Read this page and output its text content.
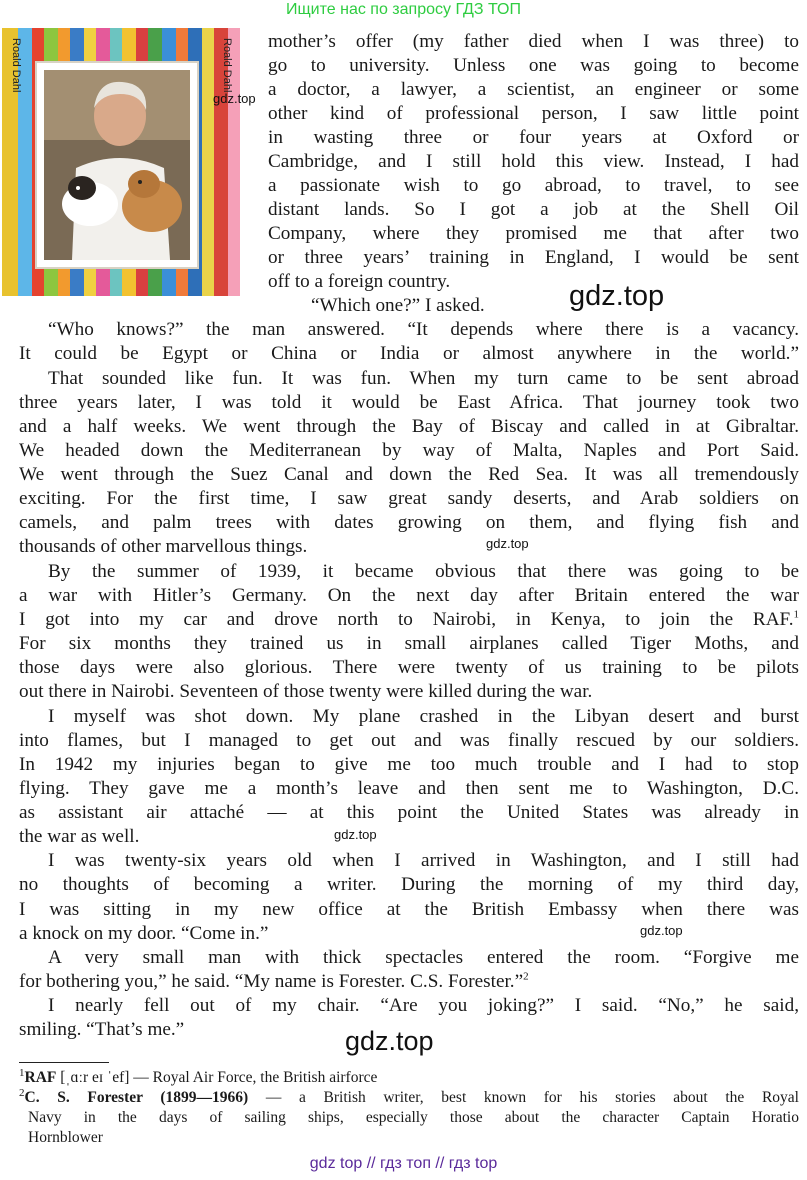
Ищите нас по запросу ГДЗ ТОП
Roald Dahl	Roald Dahl
gdz.top
gdz.top
gdz.top
gdz.top
gdz.top
gdz.top
mother’s offer (my father died when I was three) to
go to university. Unless one was going to become
a doctor, a lawyer, a scientist, an engineer or some
other kind of professional person, I saw little point
in wasting three or four years at Oxford or
Cambridge, and I still hold this view. Instead, I had
a passionate wish to go abroad, to travel, to see
distant lands. So I got a job at the Shell Oil
Company, where they promised me that after two
or three years’ training in England, I would be sent
off to a foreign country.
“Which one?” I asked.
“Who knows?” the man answered. “It depends where there is a vacancy.
It could be Egypt or China or India or almost anywhere in the world.”
That sounded like fun. It was fun. When my turn came to be sent abroad
three years later, I was told it would be East Africa. That journey took two
and a half weeks. We went through the Bay of Biscay and called in at Gibraltar.
We headed down the Mediterranean by way of Malta, Naples and Port Said.
We went through the Suez Canal and down the Red Sea. It was all tremendously
exciting. For the first time, I saw great sandy deserts, and Arab soldiers on
camels, and palm trees with dates growing on them, and flying fish and
thousands of other marvellous things.
By the summer of 1939, it became obvious that there was going to be
a war with Hitler’s Germany. On the next day after Britain entered the war
I got into my car and drove north to Nairobi, in Kenya, to join the RAF.$^1$
For six months they trained us in small airplanes called Tiger Moths, and
those days were also glorious. There were twenty of us training to be pilots
out there in Nairobi. Seventeen of those twenty were killed during the war.
I myself was shot down. My plane crashed in the Libyan desert and burst
into flames, but I managed to get out and was finally rescued by our soldiers.
In 1942 my injuries began to give me too much trouble and I had to stop
flying. They gave me a month’s leave and then sent me to Washington, D.C.
as assistant air attaché — at this point the United States was already in
the war as well.
I was twenty-six years old when I arrived in Washington, and I still had
no thoughts of becoming a writer. During the morning of my third day,
I was sitting in my new office at the British Embassy when there was
a knock on my door. “Come in.”
A very small man with thick spectacles entered the room. “Forgive me
for bothering you,” he said. “My name is Forester. C.S. Forester.”$^2$
I nearly fell out of my chair. “Are you joking?” I said. “No,” he said,
smiling. “That’s me.”
$^1$RAF [ˌɑːr eɪ ˈef] — Royal Air Force, the British airforce
$^2$C. S. Forester (1899—1966) — a British writer, best known for his stories about the Royal
Navy in the days of sailing ships, especially those about the character Captain Horatio
Hornblower
gdz top // гдз топ // гдз top
